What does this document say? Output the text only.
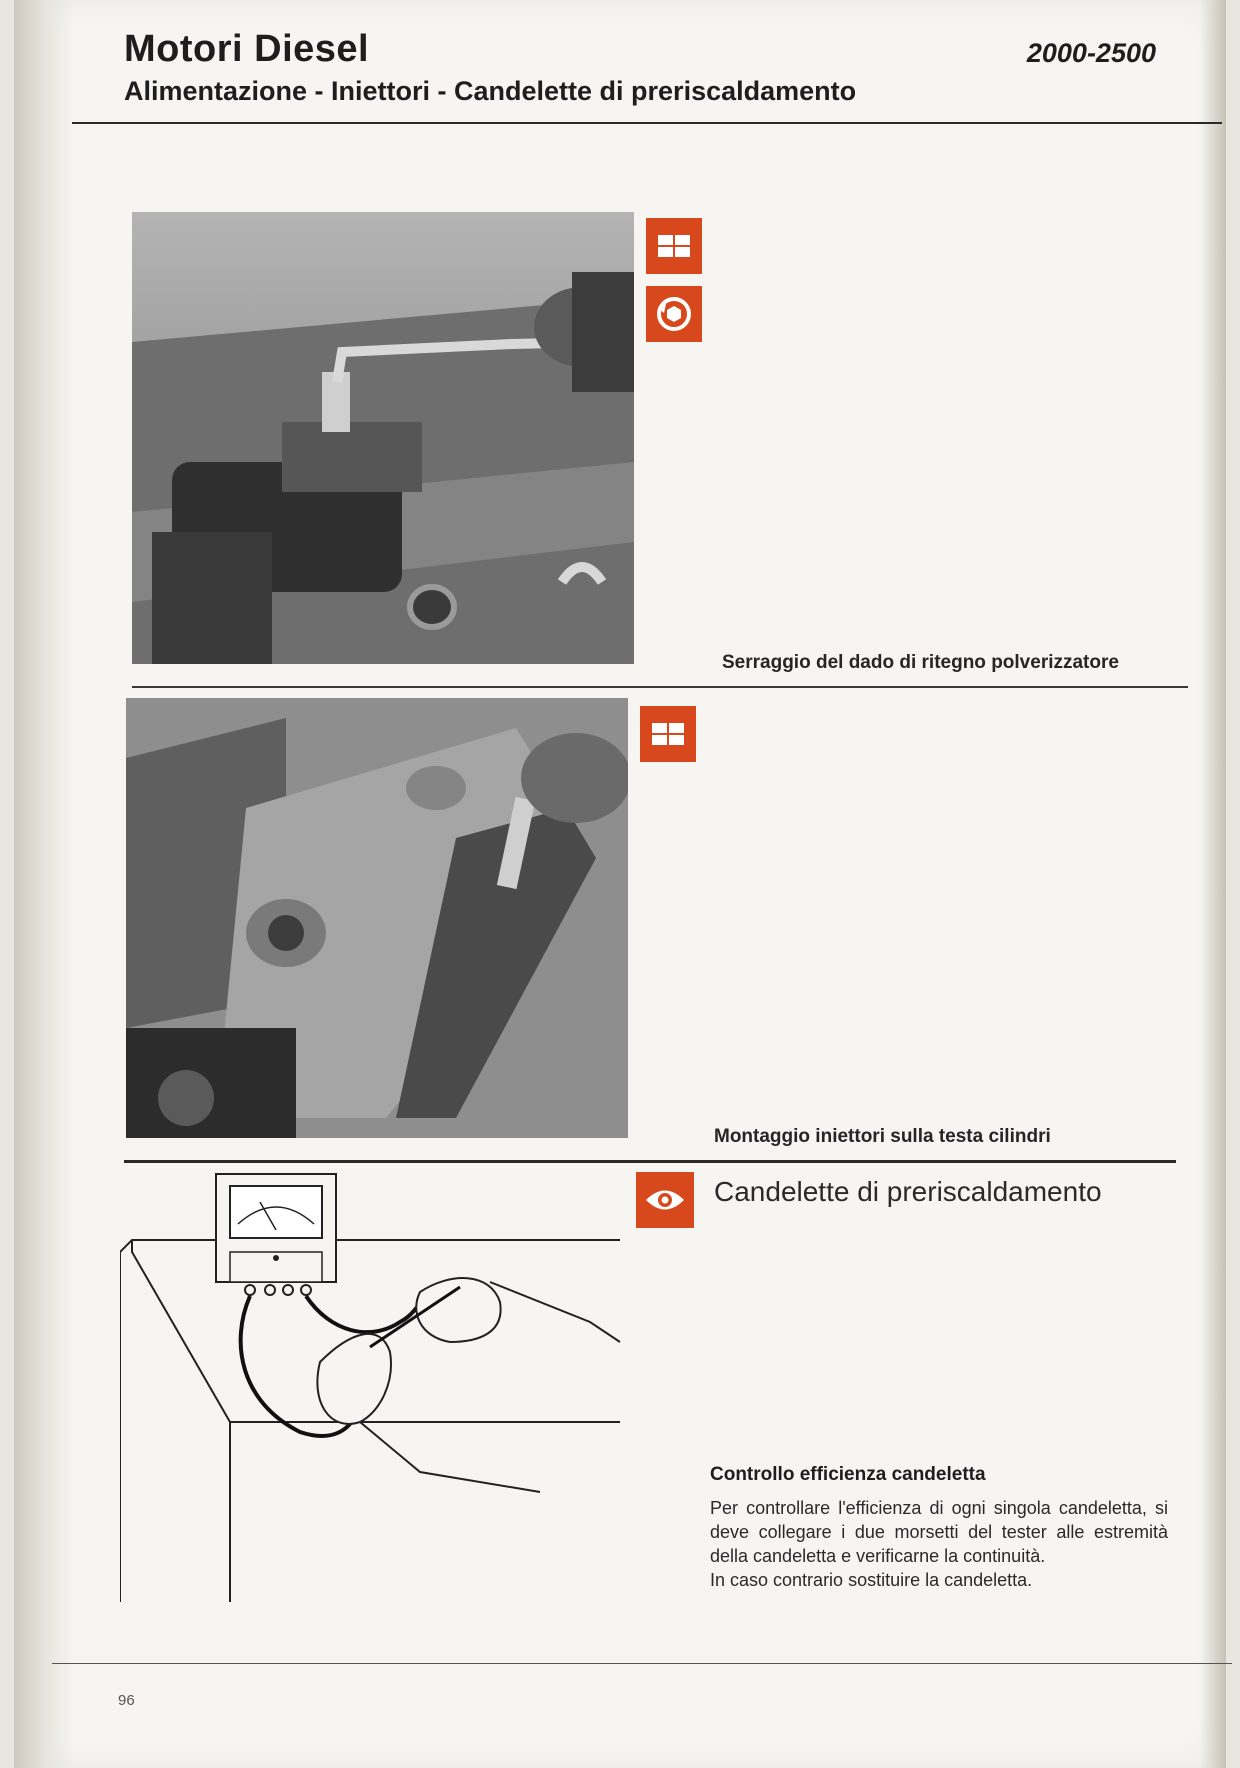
Motori Diesel
Alimentazione - Iniettori - Candelette di preriscaldamento
2000-2500

Serraggio del dado di ritegno polverizzatore

Montaggio iniettori sulla testa cilindri

Candelette di preriscaldamento
Controllo efficienza candeletta

Per controllare l'efficienza di ogni singola candeletta, si deve collegare i due morsetti del tester alle estremità della candeletta e verificarne la continuità.
In caso contrario sostituire la candeletta.

96
